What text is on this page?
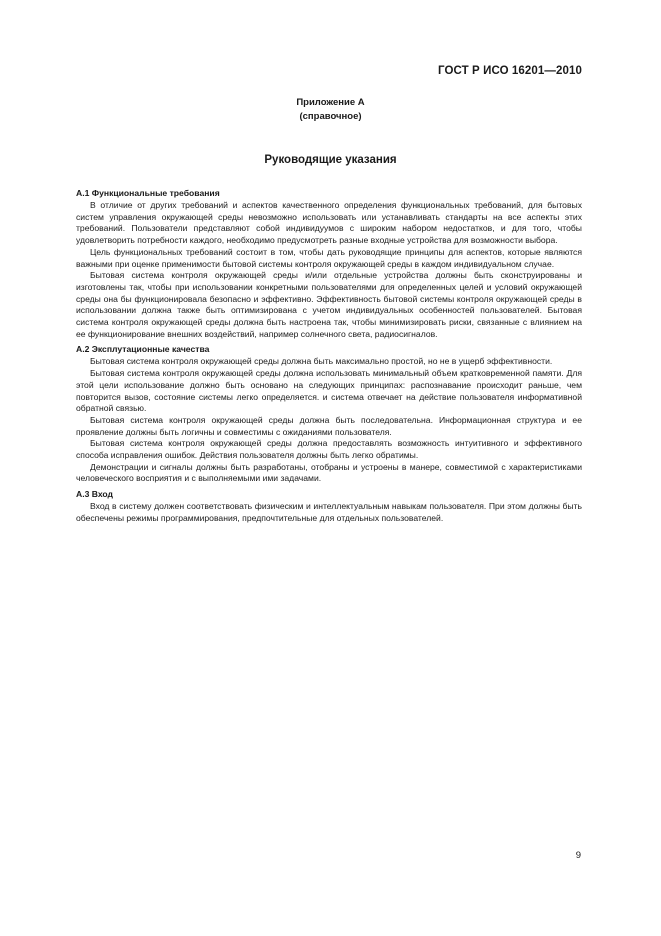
ГОСТ Р ИСО 16201—2010
Приложение А
(справочное)
Руководящие указания

А.1 Функциональные требования

В отличие от других требований и аспектов качественного определения функциональных требований, для бытовых систем управления окружающей среды невозможно использовать или устанавливать стандарты на все аспекты этих требований. Пользователи представляют собой индивидуумов с широким набором недостатков, и для того, чтобы удовлетворить потребности каждого, необходимо предусмотреть разные входные устройства для возможности выбора.

Цель функциональных требований состоит в том, чтобы дать руководящие принципы для аспектов, которые являются важными при оценке применимости бытовой системы контроля окружающей среды в каждом индивидуальном случае.

Бытовая система контроля окружающей среды и/или отдельные устройства должны быть сконструированы и изготовлены так, чтобы при использовании конкретными пользователями для определенных целей и условий окружающей среды она бы функционировала безопасно и эффективно. Эффективность бытовой системы контроля окружающей среды в использовании должна также быть оптимизирована с учетом индивидуальных особенностей пользователей. Бытовая система контроля окружающей среды должна быть настроена так, чтобы минимизировать риски, связанные с влиянием на ее функционирование внешних воздействий, например солнечного света, радиосигналов.

А.2 Эксплутационные качества

Бытовая система контроля окружающей среды должна быть максимально простой, но не в ущерб эффективности.

Бытовая система контроля окружающей среды должна использовать минимальный объем кратковременной памяти. Для этой цели использование должно быть основано на следующих принципах: распознавание происходит раньше, чем повторится вызов, состояние системы легко определяется. и система отвечает на действие пользователя информативной обратной связью.

Бытовая система контроля окружающей среды должна быть последовательна. Информационная структура и ее проявление должны быть логичны и совместимы с ожиданиями пользователя.

Бытовая система контроля окружающей среды должна предоставлять возможность интуитивного и эффективного способа исправления ошибок. Действия пользователя должны быть легко обратимы.

Демонстрации и сигналы должны быть разработаны, отобраны и устроены в манере, совместимой с характеристиками человеческого восприятия и с выполняемыми ими задачами.

А.3 Вход

Вход в систему должен соответствовать физическим и интеллектуальным навыкам пользователя. При этом должны быть обеспечены режимы программирования, предпочтительные для отдельных пользователей.

9
